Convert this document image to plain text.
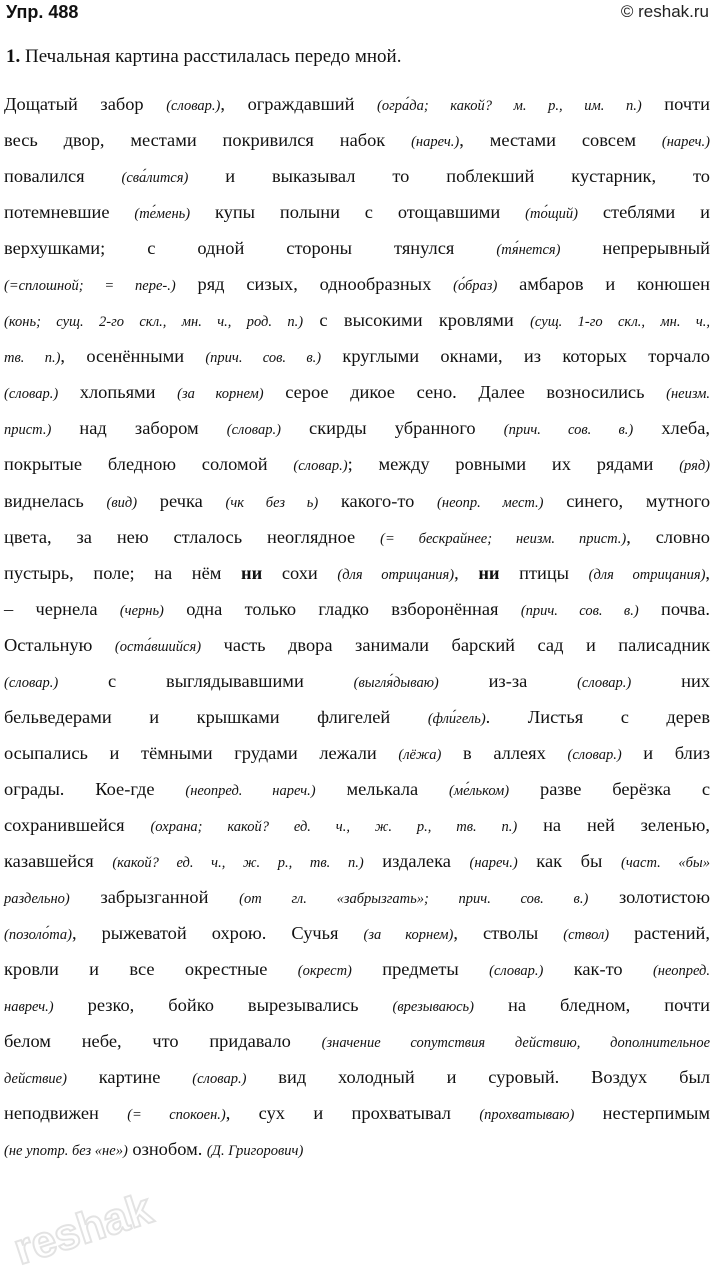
Упр. 488	© reshak.ru
1. Печальная картина расстилалась передо мной.
Дощатый забор (словар.), ограждавший (огра́да; какой? м. р., им. п.) почти
весь двор, местами покривился набок (нареч.), местами совсем (нареч.)
повалился (сва́лится) и выказывал то поблекший кустарник, то
потемневшие (те́мень) купы полыни с отощавшими (то́щий) стеблями и
верхушками; с одной стороны тянулся (тя́нется) непрерывный
(=сплошной; = пере-.) ряд сизых, однообразных (о́браз) амбаров и конюшен
(конь; сущ. 2-го скл., мн. ч., род. п.) с высокими кровлями (сущ. 1-го скл., мн. ч.,
тв. п.), осенёнными (прич. сов. в.) круглыми окнами, из которых торчало
(словар.) хлопьями (за корнем) серое дикое сено. Далее возносились (неизм.
прист.) над забором (словар.) скирды убранного (прич. сов. в.) хлеба,
покрытые бледною соломой (словар.); между ровными их рядами (ряд)
виднелась (вид) речка (чк без ь) какого-то (неопр. мест.) синего, мутного
цвета, за нею стлалось неоглядное (= бескрайнее; неизм. прист.), словно
пустырь, поле; на нём ни сохи (для отрицания), ни птицы (для отрицания),
– чернела (чернь) одна только гладко взборонённая (прич. сов. в.) почва.
Остальную (оста́вшийся) часть двора занимали барский сад и палисадник
(словар.) с выглядывавшими (выгля́дываю) из-за (словар.) них
бельведерами и крышками флигелей (фли́гель). Листья с дерев
осыпались и тёмными грудами лежали (лёжа) в аллеях (словар.) и близ
ограды. Кое-где (неопред. нареч.) мелькала (ме́льком) разве берёзка с
сохранившейся (охрана; какой? ед. ч., ж. р., тв. п.) на ней зеленью,
казавшейся (какой? ед. ч., ж. р., тв. п.) издалека (нареч.) как бы (част. «бы»
раздельно) забрызганной (от гл. «забрызгать»; прич. сов. в.) золотистою
(позоло́та), рыжеватой охрою. Сучья (за корнем), стволы (ствол) растений,
кровли и все окрестные (окрест) предметы (словар.) как-то (неопред.
навреч.) резко, бойко вырезывались (врезываюсь) на бледном, почти
белом небе, что придавало (значение сопутствия действию, дополнительное
действие) картине (словар.) вид холодный и суровый. Воздух был
неподвижен (= спокоен.), сух и прохватывал (прохватываю) нестерпимым
(не употр. без «не») ознобом. (Д. Григорович)
reshak
